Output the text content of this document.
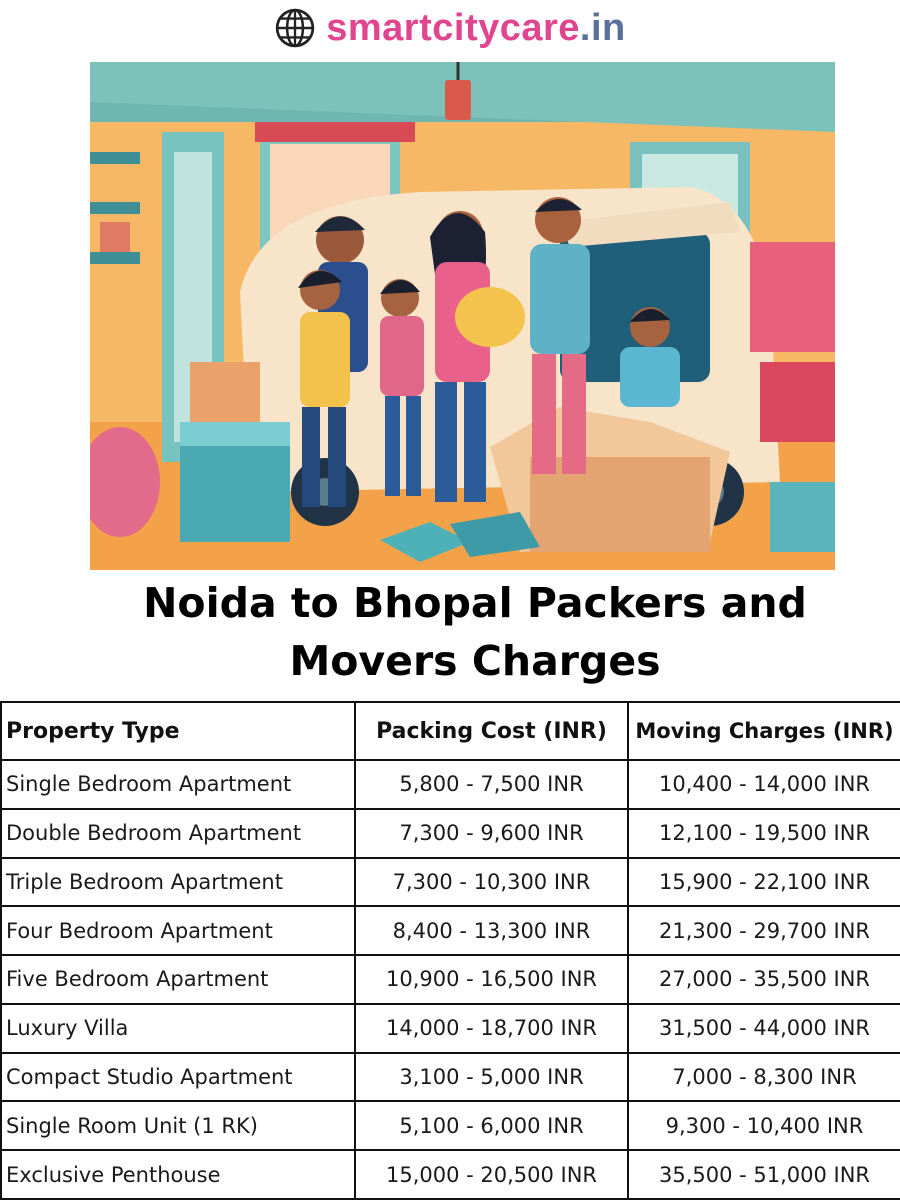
smartcitycare.in
Noida to Bhopal Packers and
Movers Charges
Property Type	Packing Cost (INR)	Moving Charges (INR)
Single Bedroom Apartment	5,800 - 7,500 INR	10,400 - 14,000 INR
Double Bedroom Apartment	7,300 - 9,600 INR	12,100 - 19,500 INR
Triple Bedroom Apartment	7,300 - 10,300 INR	15,900 - 22,100 INR
Four Bedroom Apartment	8,400 - 13,300 INR	21,300 - 29,700 INR
Five Bedroom Apartment	10,900 - 16,500 INR	27,000 - 35,500 INR
Luxury Villa	14,000 - 18,700 INR	31,500 - 44,000 INR
Compact Studio Apartment	3,100 - 5,000 INR	7,000 - 8,300 INR
Single Room Unit (1 RK)	5,100 - 6,000 INR	9,300 - 10,400 INR
Exclusive Penthouse	15,000 - 20,500 INR	35,500 - 51,000 INR
